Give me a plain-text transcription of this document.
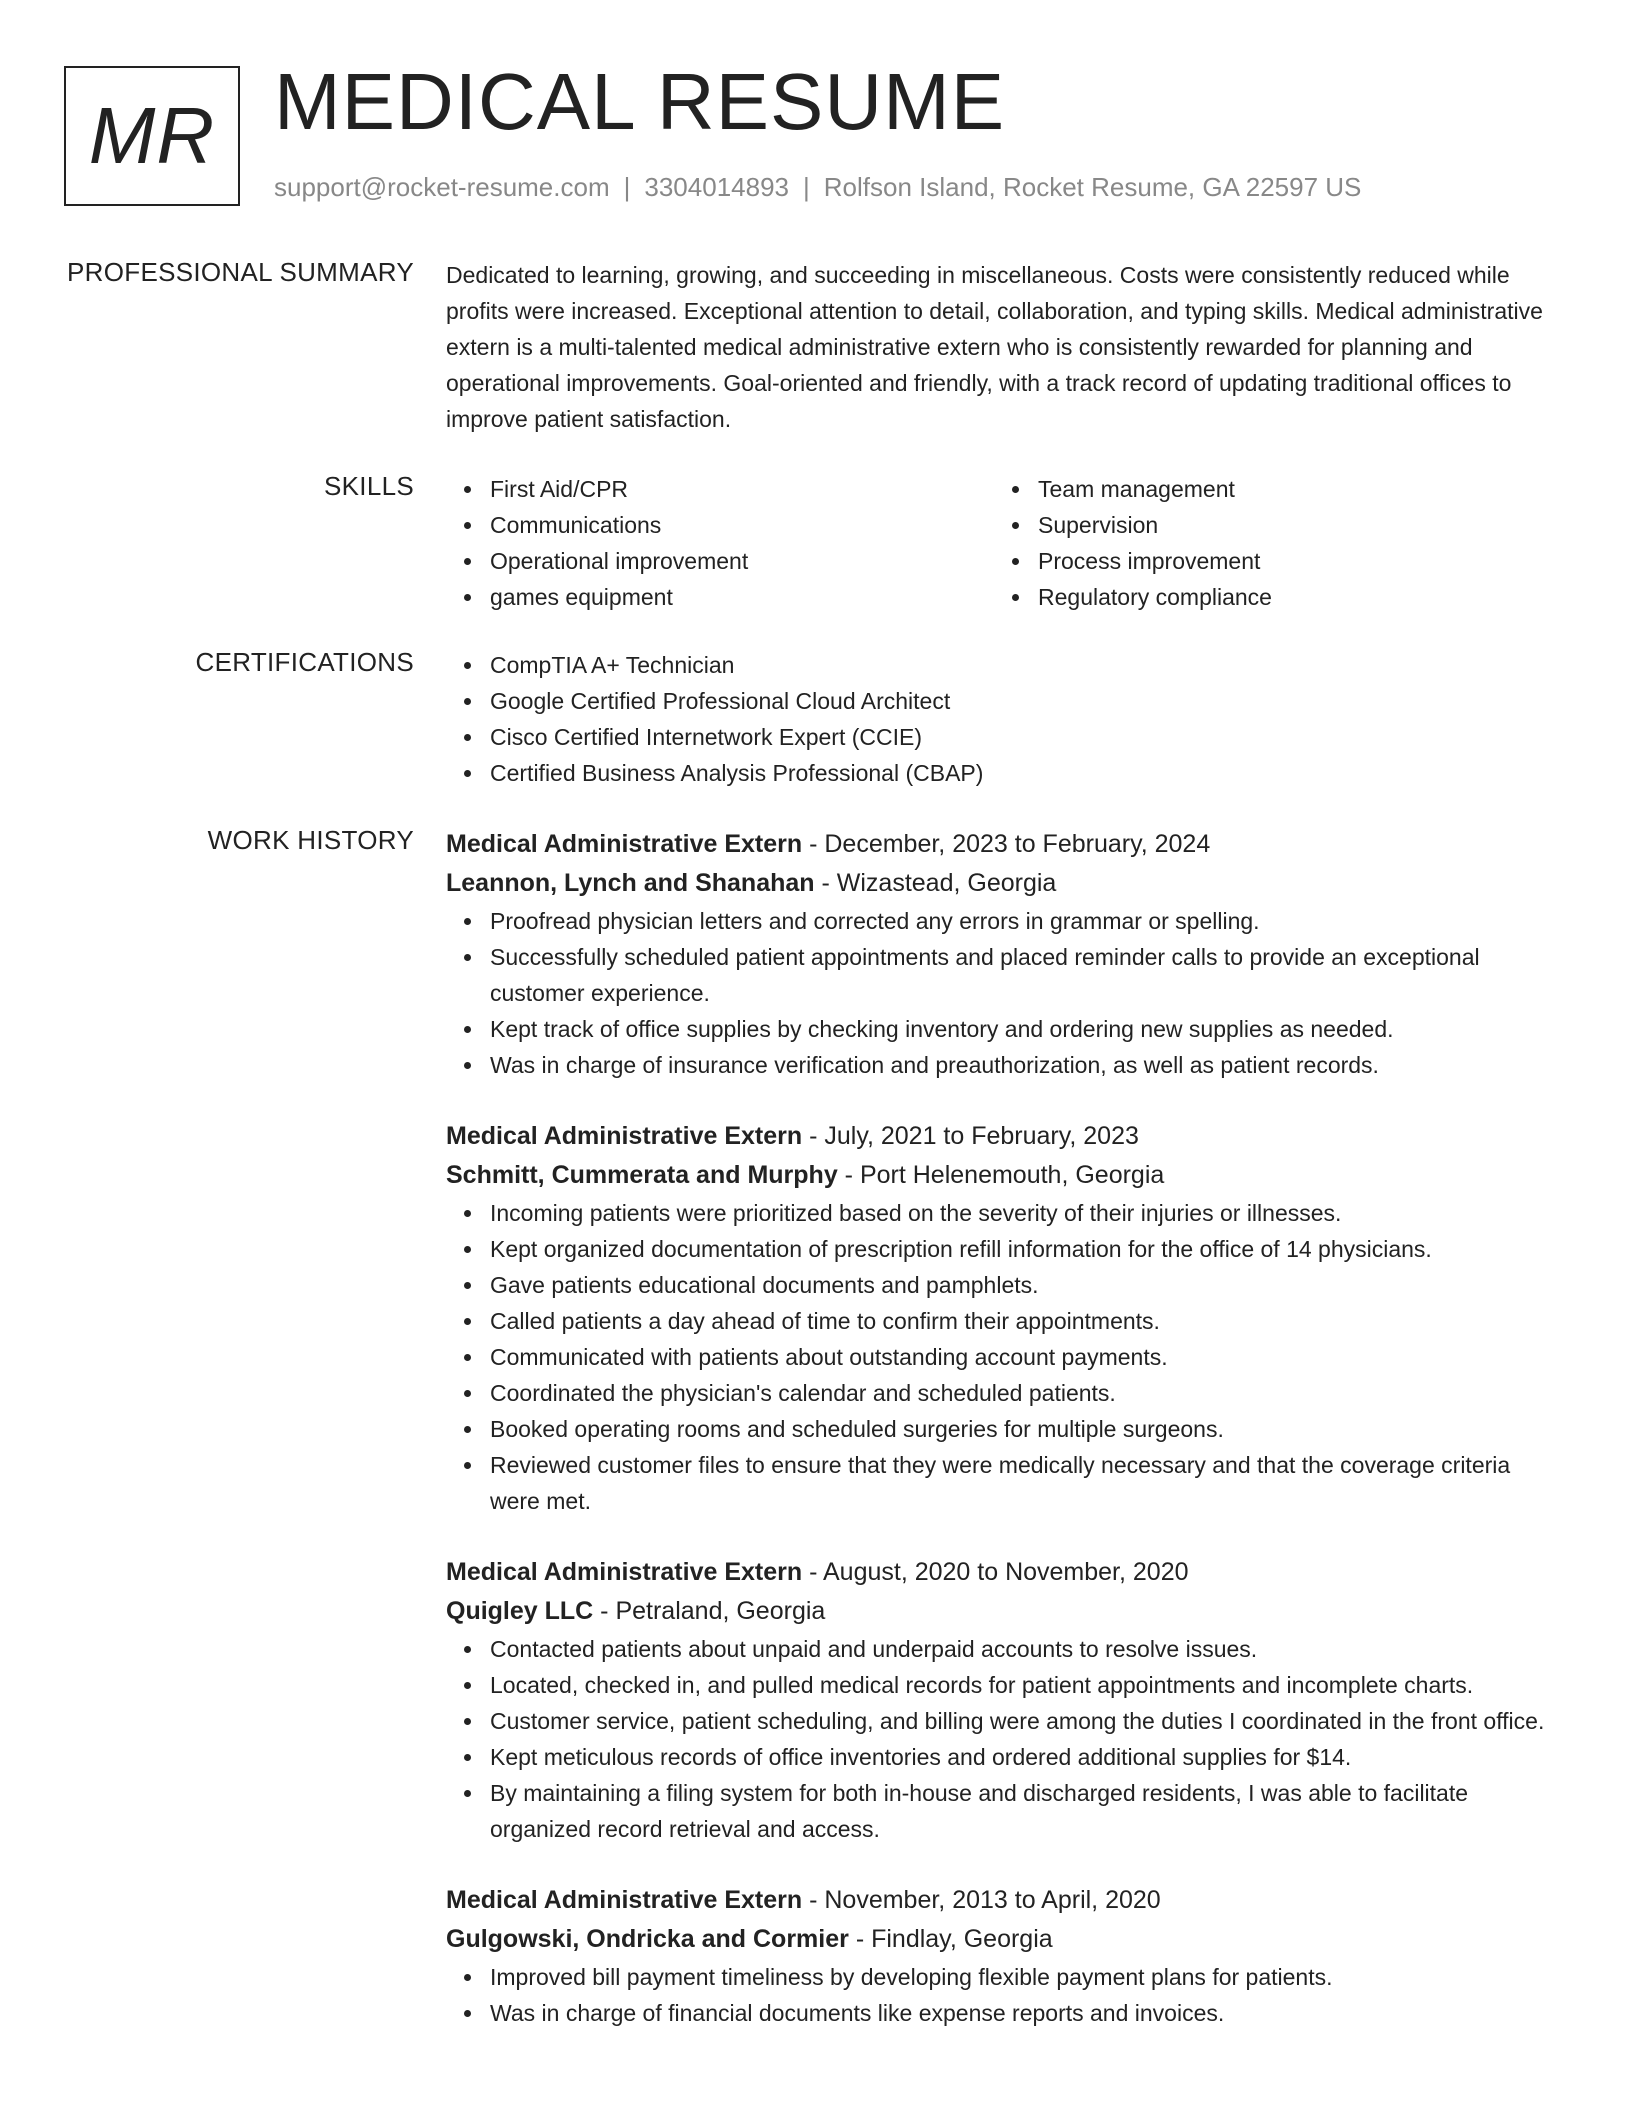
MR MEDICAL RESUME
support@rocket-resume.com | 3304014893 | Rolfson Island, Rocket Resume, GA 22597 US
PROFESSIONAL SUMMARY Dedicated to learning, growing, and succeeding in miscellaneous. Costs were consistently reduced while profits were increased. Exceptional attention to detail, collaboration, and typing skills. Medical administrative extern is a multi-talented medical administrative extern who is consistently rewarded for planning and operational improvements. Goal-oriented and friendly, with a track record of updating traditional offices to improve patient satisfaction.

SKILLS	First Aid/CPR
Communications
Operational improvement
games equipment
Team management
Supervision
Process improvement
Regulatory compliance
CERTIFICATIONS	CompTIA A+ Technician
Google Certified Professional Cloud Architect
Cisco Certified Internetwork Expert (CCIE)
Certified Business Analysis Professional (CBAP)
WORK HISTORY Medical Administrative Extern - December, 2023 to February, 2024
Leannon, Lynch and Shanahan - Wizastead, Georgia
Proofread physician letters and corrected any errors in grammar or spelling.
Successfully scheduled patient appointments and placed reminder calls to provide an exceptional customer experience.
Kept track of office supplies by checking inventory and ordering new supplies as needed.
Was in charge of insurance verification and preauthorization, as well as patient records.
Medical Administrative Extern - July, 2021 to February, 2023
Schmitt, Cummerata and Murphy - Port Helenemouth, Georgia
Incoming patients were prioritized based on the severity of their injuries or illnesses.
Kept organized documentation of prescription refill information for the office of 14 physicians.
Gave patients educational documents and pamphlets.
Called patients a day ahead of time to confirm their appointments.
Communicated with patients about outstanding account payments.
Coordinated the physician's calendar and scheduled patients.
Booked operating rooms and scheduled surgeries for multiple surgeons.
Reviewed customer files to ensure that they were medically necessary and that the coverage criteria were met.
Medical Administrative Extern - August, 2020 to November, 2020
Quigley LLC - Petraland, Georgia
Contacted patients about unpaid and underpaid accounts to resolve issues.
Located, checked in, and pulled medical records for patient appointments and incomplete charts.
Customer service, patient scheduling, and billing were among the duties I coordinated in the front office.
Kept meticulous records of office inventories and ordered additional supplies for $14.
By maintaining a filing system for both in-house and discharged residents, I was able to facilitate organized record retrieval and access.
Medical Administrative Extern - November, 2013 to April, 2020
Gulgowski, Ondricka and Cormier - Findlay, Georgia
Improved bill payment timeliness by developing flexible payment plans for patients.
Was in charge of financial documents like expense reports and invoices.
